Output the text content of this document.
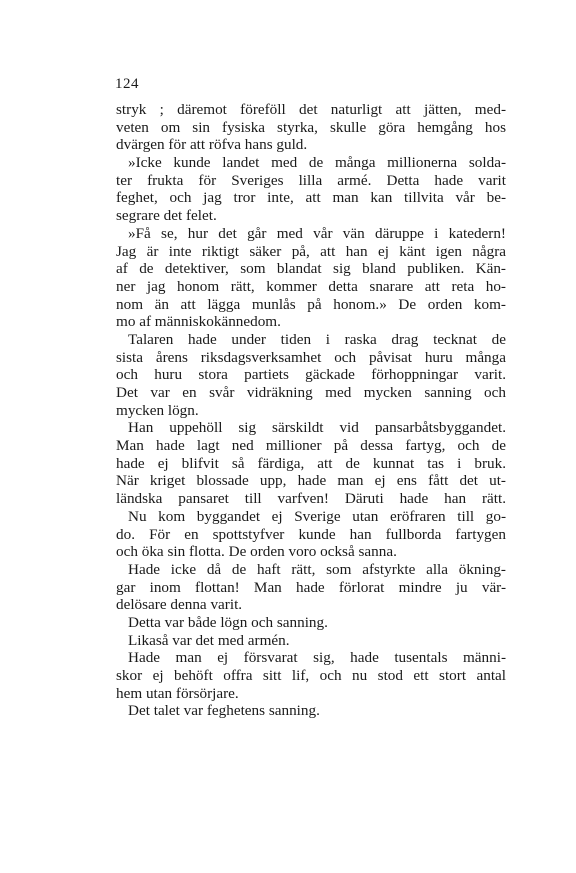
124
stryk ; däremot föreföll det naturligt att jätten, med-
veten om sin fysiska styrka, skulle göra hemgång hos
dvärgen för att röfva hans guld.
»Icke kunde landet med de många millionerna solda-
ter frukta för Sveriges lilla armé. Detta hade varit
feghet, och jag tror inte, att man kan tillvita vår be-
segrare det felet.
»Få se, hur det går med vår vän däruppe i katedern!
Jag är inte riktigt säker på, att han ej känt igen några
af de detektiver, som blandat sig bland publiken. Kän-
ner jag honom rätt, kommer detta snarare att reta ho-
nom än att lägga munlås på honom.» De orden kom-
mo af människokännedom.
Talaren hade under tiden i raska drag tecknat de
sista årens riksdagsverksamhet och påvisat huru många
och huru stora partiets gäckade förhoppningar varit.
Det var en svår vidräkning med mycken sanning och
mycken lögn.
Han uppehöll sig särskildt vid pansarbåtsbyggandet.
Man hade lagt ned millioner på dessa fartyg, och de
hade ej blifvit så färdiga, att de kunnat tas i bruk.
När kriget blossade upp, hade man ej ens fått det ut-
ländska pansaret till varfven! Däruti hade han rätt.
Nu kom byggandet ej Sverige utan eröfraren till go-
do. För en spottstyfver kunde han fullborda fartygen
och öka sin flotta. De orden voro också sanna.
Hade icke då de haft rätt, som afstyrkte alla ökning-
gar inom flottan! Man hade förlorat mindre ju vär-
delösare denna varit.
Detta var både lögn och sanning.
Likaså var det med armén.
Hade man ej försvarat sig, hade tusentals männi-
skor ej behöft offra sitt lif, och nu stod ett stort antal
hem utan försörjare.
Det talet var feghetens sanning.
